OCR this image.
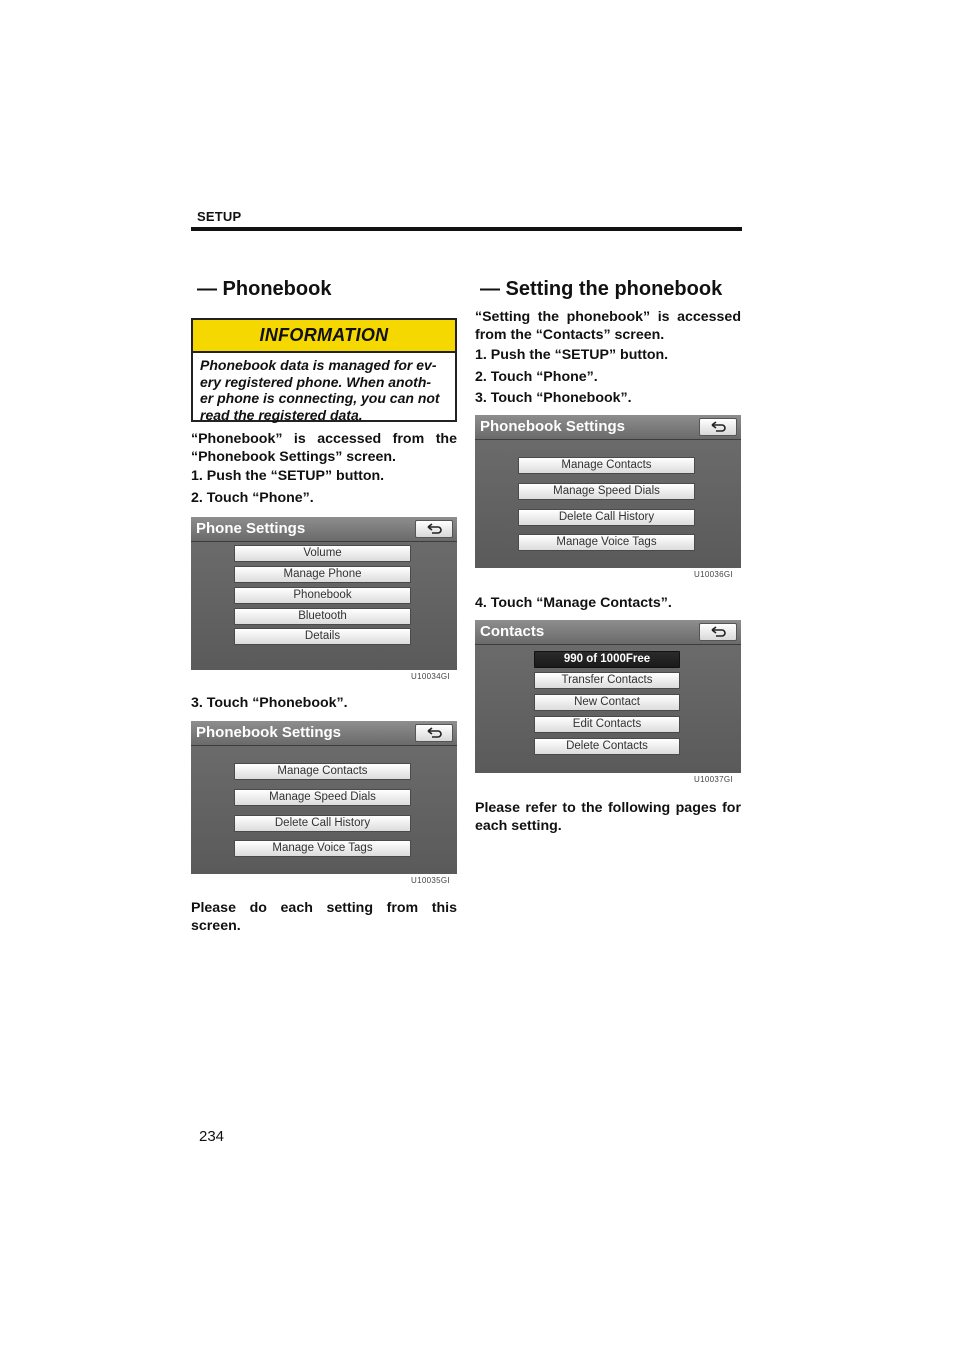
SETUP
— Phonebook
INFORMATION
Phonebook data is managed for ev-
ery registered phone. When anoth-
er phone is connecting, you can not
read the registered data.
“Phonebook” is accessed from the
“Phonebook Settings” screen.
1. Push the “SETUP” button.
2. Touch “Phone”.
Phone Settings
Volume
Manage Phone
Phonebook
Bluetooth
Details
U10034GI
3. Touch “Phonebook”.
Phonebook Settings
Manage Contacts
Manage Speed Dials
Delete Call History
Manage Voice Tags
U10035GI
Please do each setting from this
screen.
— Setting the phonebook
“Setting the phonebook” is accessed
from the “Contacts” screen.
1. Push the “SETUP” button.
2. Touch “Phone”.
3. Touch “Phonebook”.
Phonebook Settings
Manage Contacts
Manage Speed Dials
Delete Call History
Manage Voice Tags
U10036GI
4. Touch “Manage Contacts”.
Contacts
990 of 1000Free
Transfer Contacts
New Contact
Edit Contacts
Delete Contacts
U10037GI
Please refer to the following pages for
each setting.
234
